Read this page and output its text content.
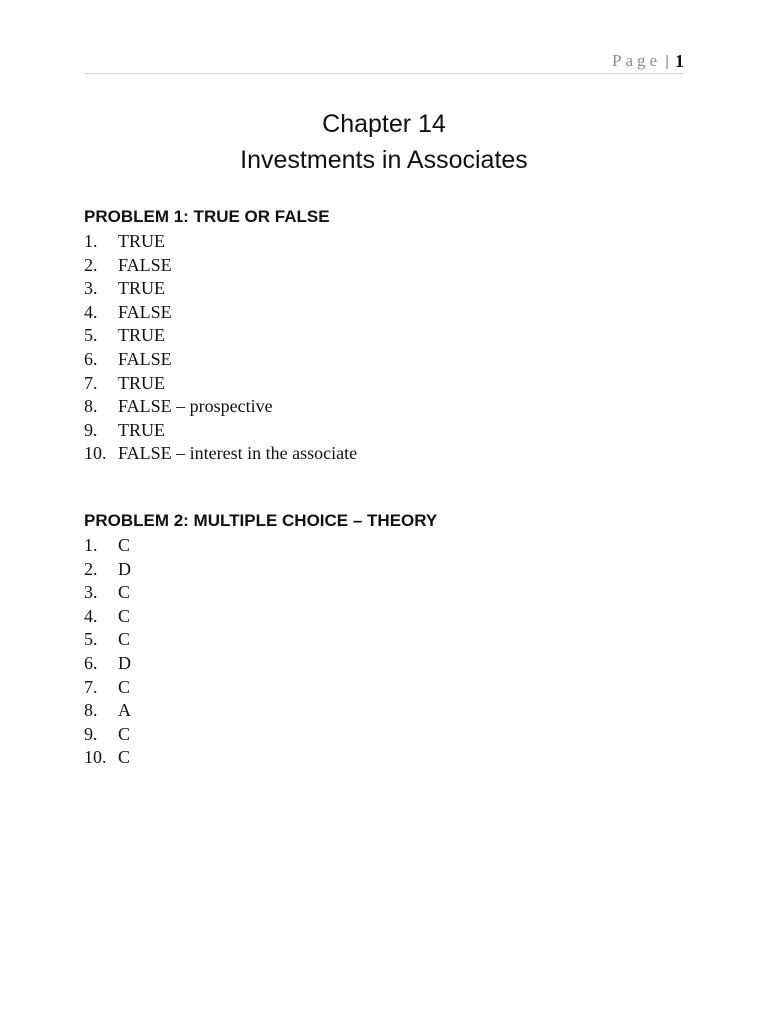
Page | 1
Chapter 14
Investments in Associates
PROBLEM 1: TRUE OR FALSE
1.	TRUE
2.	FALSE
3.	TRUE
4.	FALSE
5.	TRUE
6.	FALSE
7.	TRUE
8.	FALSE – prospective
9.	TRUE
10. FALSE – interest in the associate
PROBLEM 2: MULTIPLE CHOICE – THEORY
1.	C
2.	D
3.	C
4.	C
5.	C
6.	D
7.	C
8.	A
9.	C
10. C
